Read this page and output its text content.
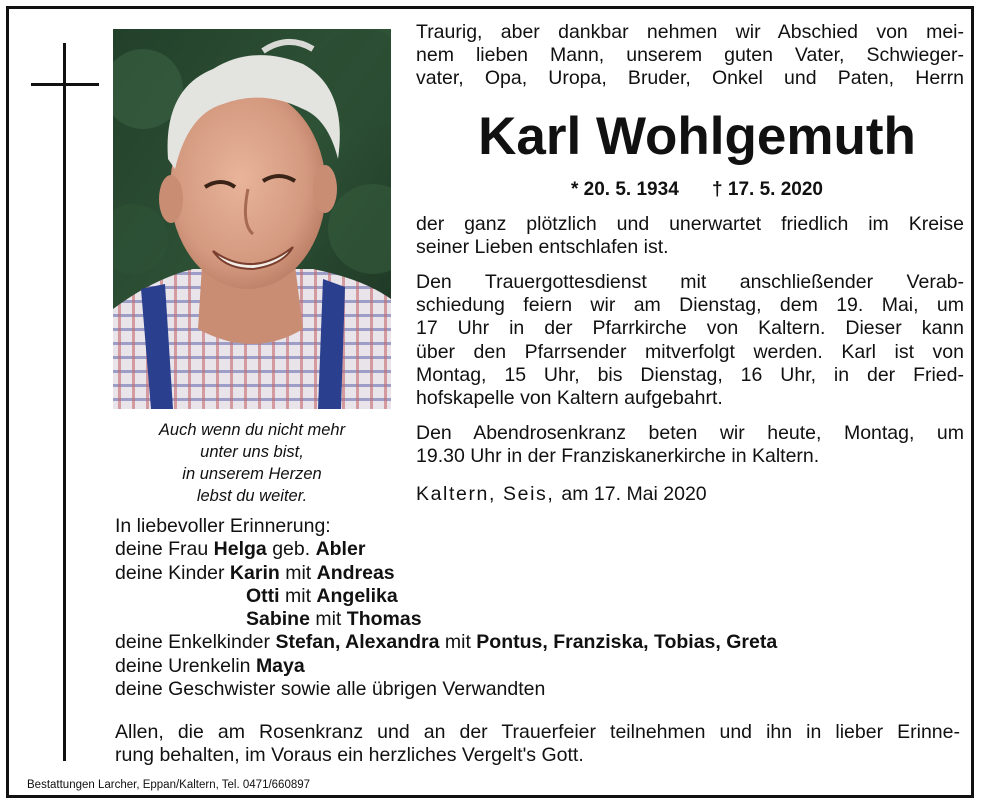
Auch wenn du nicht mehr
unter uns bist,
in unserem Herzen
lebst du weiter.
Traurig, aber dankbar nehmen wir Abschied von mei-
nem lieben Mann, unserem guten Vater, Schwieger-
vater, Opa, Uropa, Bruder, Onkel und Paten, Herrn
Karl Wohlgemuth
* 20. 5. 1934 † 17. 5. 2020
der ganz plötzlich und unerwartet friedlich im Kreise
seiner Lieben entschlafen ist.
Den Trauergottesdienst mit anschließender Verab-
schiedung feiern wir am Dienstag, dem 19. Mai, um
17 Uhr in der Pfarrkirche von Kaltern. Dieser kann
über den Pfarrsender mitverfolgt werden. Karl ist von
Montag, 15 Uhr, bis Dienstag, 16 Uhr, in der Fried-
hofskapelle von Kaltern aufgebahrt.
Den Abendrosenkranz beten wir heute, Montag, um
19.30 Uhr in der Franziskanerkirche in Kaltern.
Kaltern, Seis, am 17. Mai 2020
In liebevoller Erinnerung:
deine Frau Helga geb. Abler
deine Kinder Karin mit Andreas
Otti mit Angelika
Sabine mit Thomas
deine Enkelkinder Stefan, Alexandra mit Pontus, Franziska, Tobias, Greta
deine Urenkelin Maya
deine Geschwister sowie alle übrigen Verwandten
Allen, die am Rosenkranz und an der Trauerfeier teilnehmen und ihn in lieber Erinne-
rung behalten, im Voraus ein herzliches Vergelt's Gott.
Bestattungen Larcher, Eppan/Kaltern, Tel. 0471/660897
